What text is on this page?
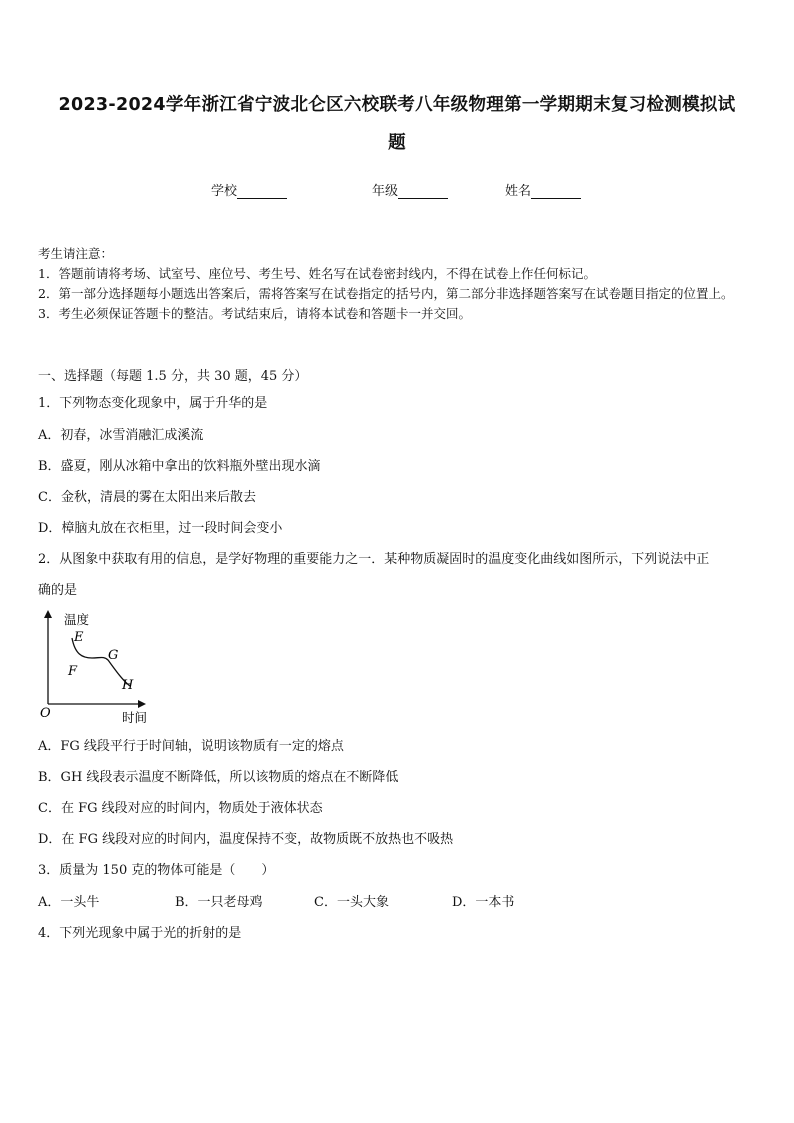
2023-2024学年浙江省宁波北仑区六校联考八年级物理第一学期期末复习检测模拟试
题
学校	年级	姓名
考生请注意：
1．答题前请将考场、试室号、座位号、考生号、姓名写在试卷密封线内，不得在试卷上作任何标记。
2．第一部分选择题每小题选出答案后，需将答案写在试卷指定的括号内，第二部分非选择题答案写在试卷题目指定的位置上。
3．考生必须保证答题卡的整洁。考试结束后，请将本试卷和答题卡一并交回。
一、选择题（每题 1.5 分，共 30 题，45 分）
1．下列物态变化现象中，属于升华的是
A．初春，冰雪消融汇成溪流
B．盛夏，刚从冰箱中拿出的饮料瓶外壁出现水滴
C．金秋，清晨的雾在太阳出来后散去
D．樟脑丸放在衣柜里，过一段时间会变小
2．从图象中获取有用的信息，是学好物理的重要能力之一．某种物质凝固时的温度变化曲线如图所示，下列说法中正
确的是
温度
时间
O
E
F
G
H
A．FG 线段平行于时间轴，说明该物质有一定的熔点
B．GH 线段表示温度不断降低，所以该物质的熔点在不断降低
C．在 FG 线段对应的时间内，物质处于液体状态
D．在 FG 线段对应的时间内，温度保持不变，故物质既不放热也不吸热
3．质量为 150 克的物体可能是（　　）
A．一头牛	B．一只老母鸡	C．一头大象	D．一本书
4．下列光现象中属于光的折射的是
